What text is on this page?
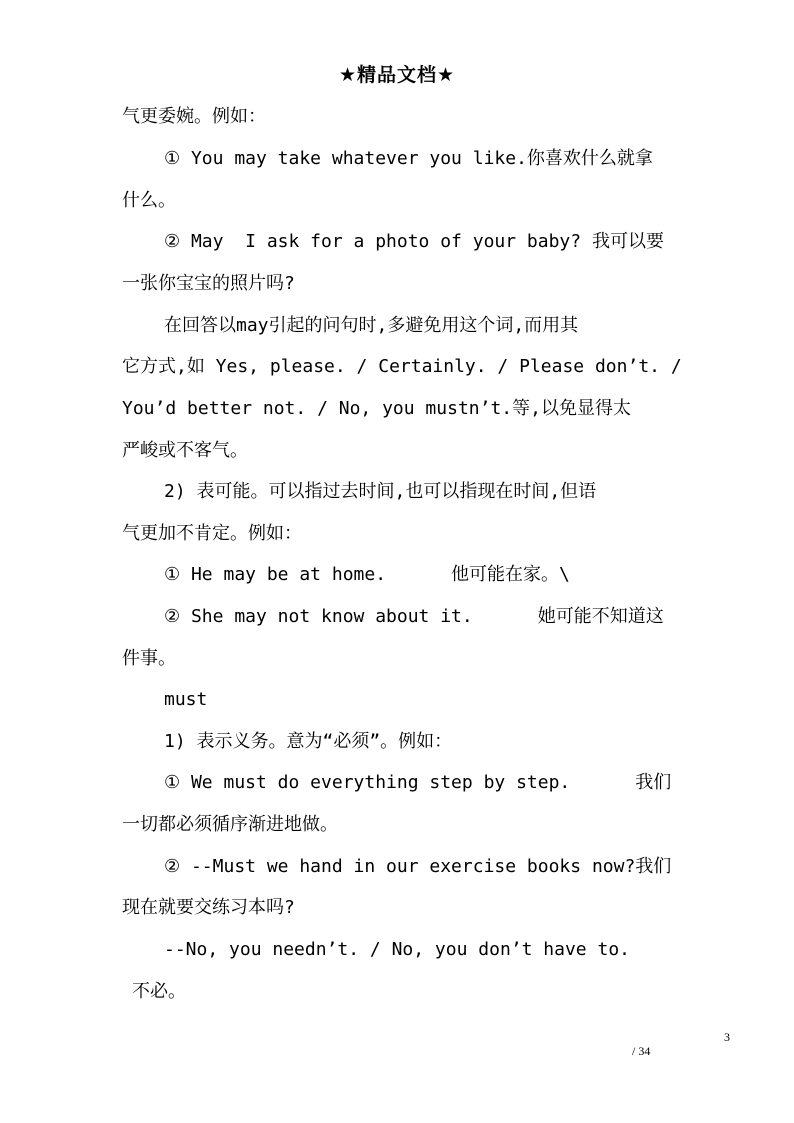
★精品文档★
气更委婉。例如：
① You may take whatever you like.你喜欢什么就拿
什么。
② May  I ask for a photo of your baby? 我可以要
一张你宝宝的照片吗?
在回答以may引起的问句时,多避免用这个词,而用其
它方式,如 Yes, please. / Certainly. / Please don’t. /
You’d better not. / No, you mustn’t.等,以免显得太
严峻或不客气。
2) 表可能。可以指过去时间,也可以指现在时间,但语
气更加不肯定。例如：
① He may be at home.      他可能在家。\
② She may not know about it.      她可能不知道这
件事。
must
1) 表示义务。意为“必须”。例如：
① We must do everything step by step.      我们
一切都必须循序渐进地做。
② --Must we hand in our exercise books now?我们
现在就要交练习本吗?
--No, you needn’t. / No, you don’t have to.
不必。
3
/ 34
